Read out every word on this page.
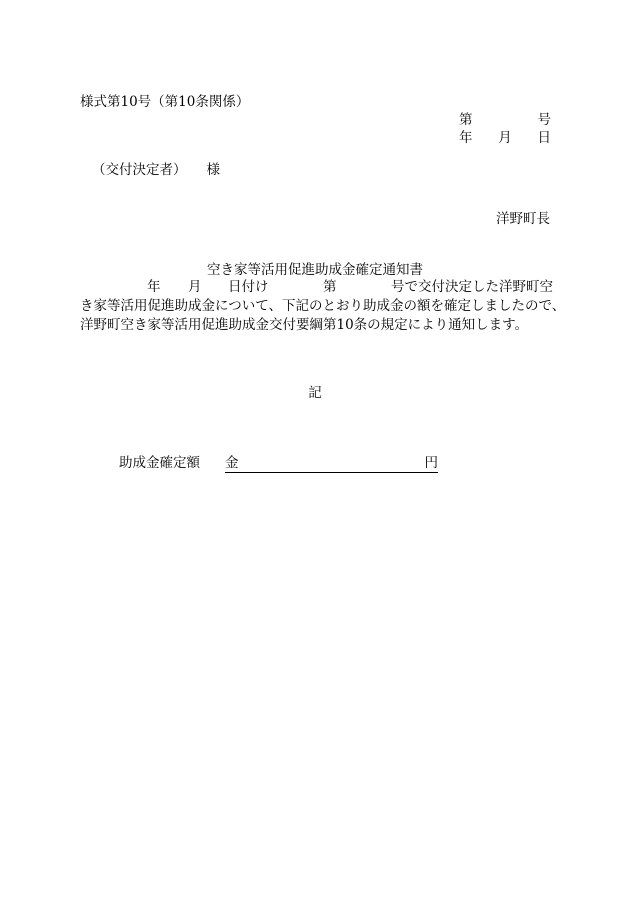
様式第10号（第10条関係）
第	号
年 月 日
（交付決定者） 様
洋野町長
空き家等活用促進助成金確定通知書
年 月 日付け	第	号で交付決定した洋野町空
き家等活用促進助成金について、下記のとおり助成金の額を確定しましたので、
洋野町空き家等活用促進助成金交付要綱第10条の規定により通知します。
記
助成金確定額 金	円
